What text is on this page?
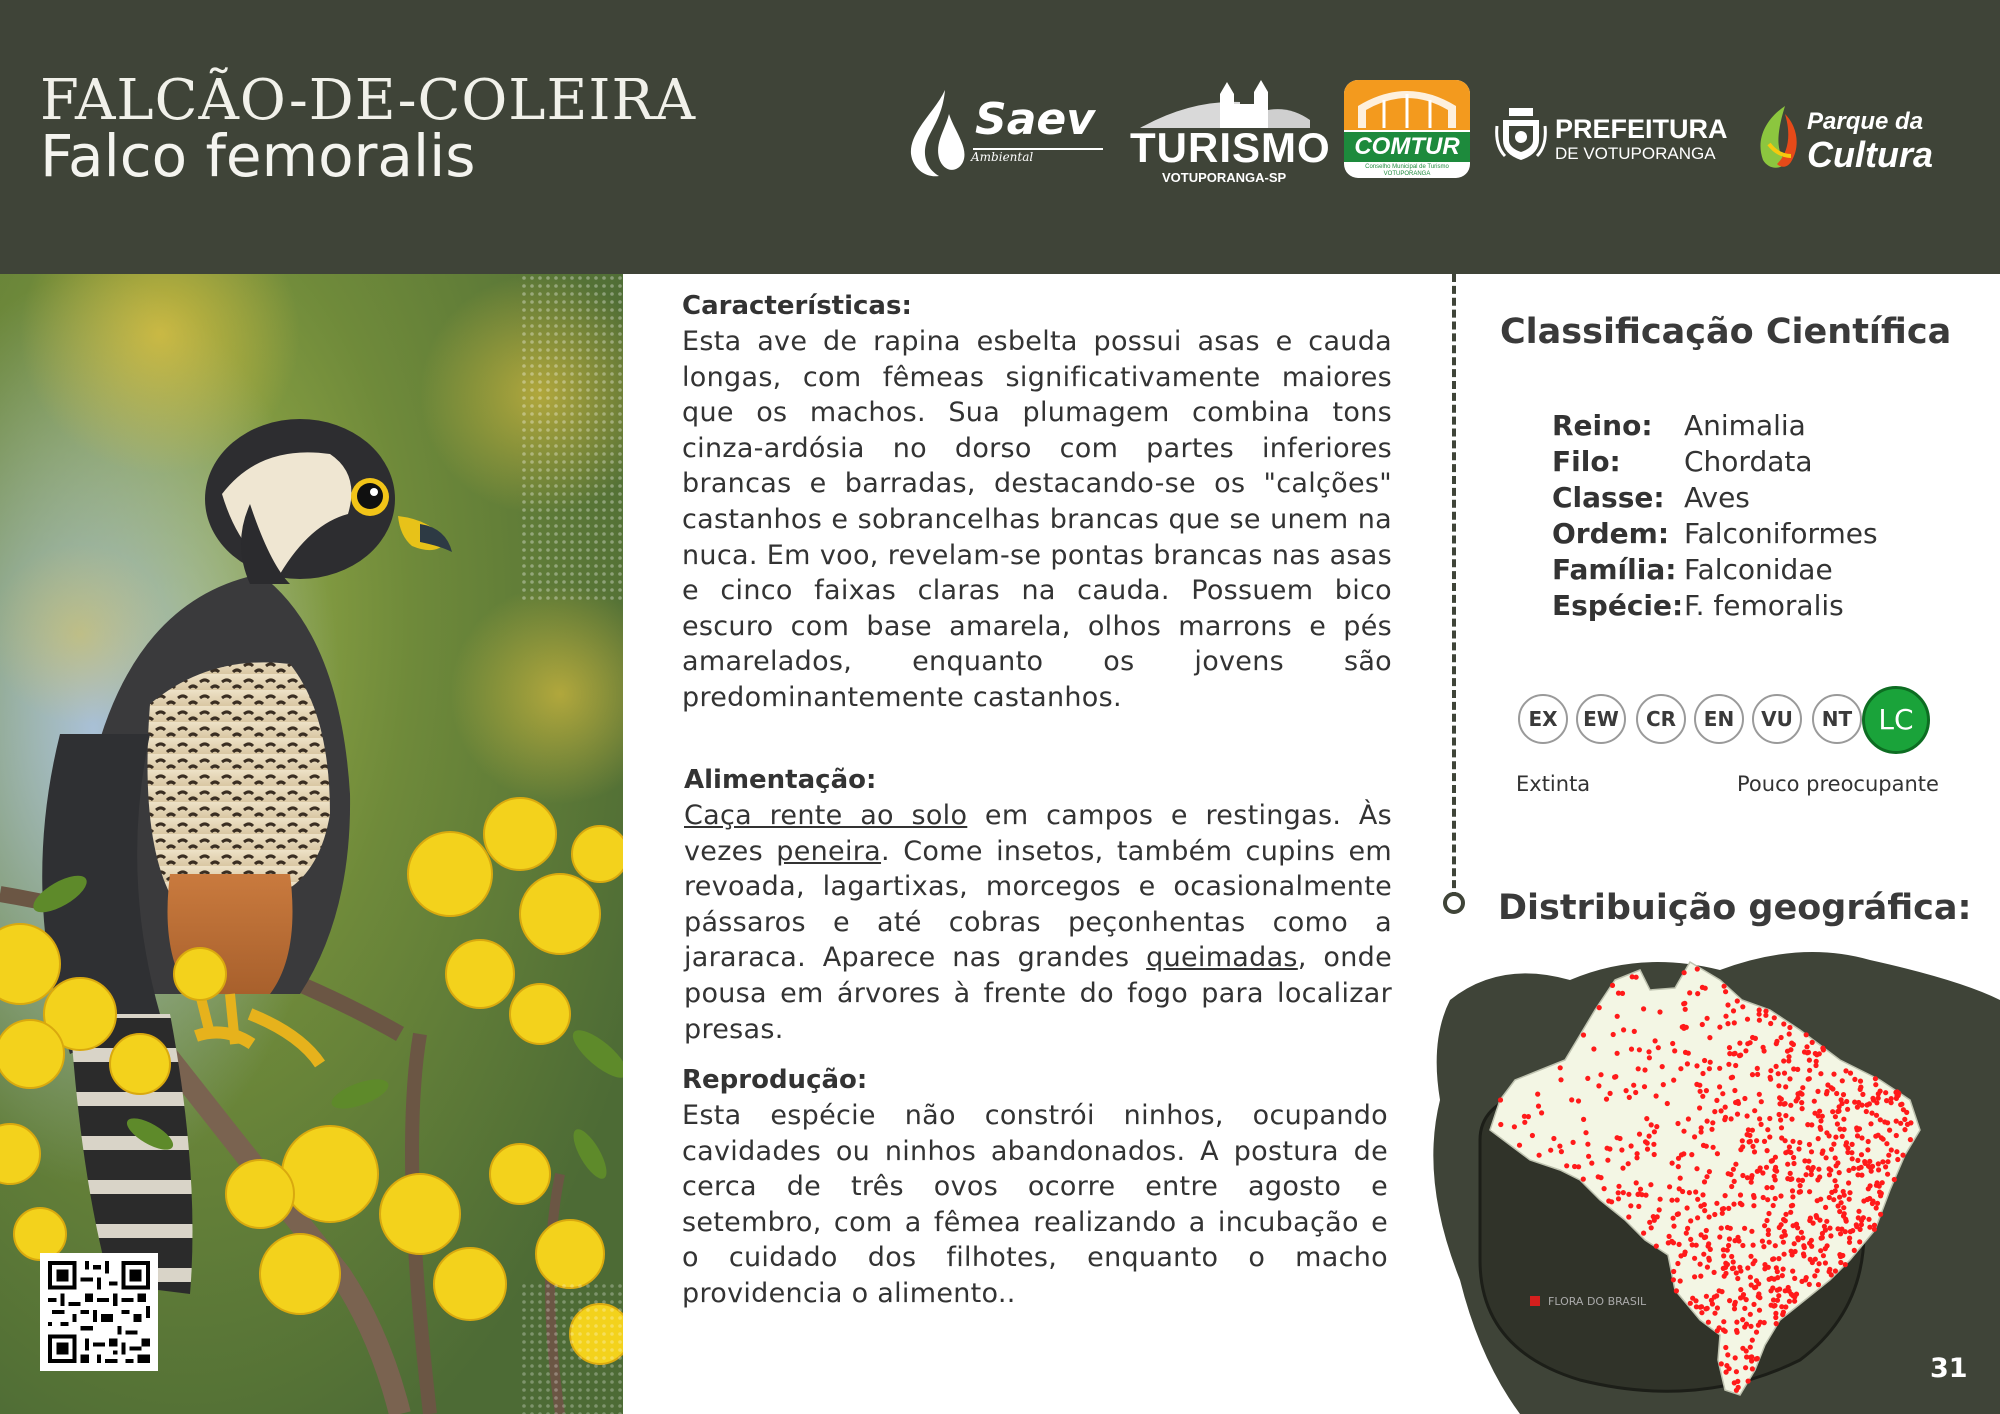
FALCÃO-DE-COLEIRA
Falco femoralis
Saev
Ambiental TURISMO
VOTUPORANGA-SP
COMTUR
Conselho Municipal de Turismo
VOTUPORANGA
PREFEITURA
DE VOTUPORANGA
Parque da
Cultura

Características:

Esta ave de rapina esbelta possui asas e cauda longas, com fêmeas significativamente maiores que os machos. Sua plumagem combina tons cinza-ardósia no dorso com partes inferiores brancas e barradas, destacando-se os "calções" castanhos e sobrancelhas brancas que se unem na nuca. Em voo, revelam-se pontas brancas nas asas e cinco faixas claras na cauda. Possuem bico escuro com base amarela, olhos marrons e pés amarelados, enquanto os jovens são predominantemente castanhos.

Alimentação:

Caça rente ao solo em campos e restingas. Às vezes peneira. Come insetos, também cupins em revoada, lagartixas, morcegos e ocasionalmente pássaros e até cobras peçonhentas como a jararaca. Aparece nas grandes queimadas, onde pousa em árvores à frente do fogo para localizar presas.

Reprodução:

Esta espécie não constrói ninhos, ocupando cavidades ou ninhos abandonados. A postura de cerca de três ovos ocorre entre agosto e setembro, com a fêmea realizando a incubação e o cuidado dos filhotes, enquanto o macho providencia o alimento..

Classificação Científica
Reino: Animalia
Filo: Chordata
Classe: Aves
Ordem: Falconiformes
Família: Falconidae
Espécie:F. femoralis
EX	EW	CR	EN	VU	NT LC
Extinta	Pouco preocupante
Distribuição geográfica:
FLORA DO BRASIL
31
